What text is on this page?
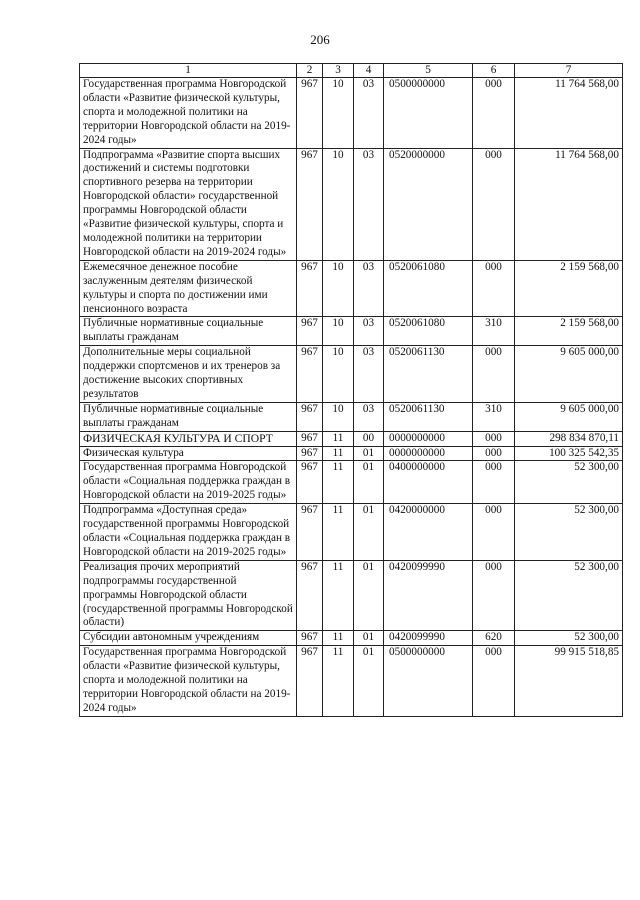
206
1	2	3	4	5	6	7
Государственная программа Новгородской области «Развитие физической культуры, спорта и молодежной политики на территории Новгородской области на 2019-2024 годы»	967	10	03	0500000000	000	11 764 568,00
Подпрограмма «Развитие спорта высших достижений и системы подготовки спортивного резерва на территории Новгородской области» государственной программы Новгородской области «Развитие физической культуры, спорта и молодежной политики на территории Новгородской области на 2019-2024 годы»	967	10	03	0520000000	000	11 764 568,00
Ежемесячное денежное пособие заслуженным деятелям физической культуры и спорта по достижении ими пенсионного возраста	967	10	03	0520061080	000	2 159 568,00
Публичные нормативные социальные выплаты гражданам	967	10	03	0520061080	310	2 159 568,00
Дополнительные меры социальной поддержки спортсменов и их тренеров за достижение высоких спортивных результатов	967	10	03	0520061130	000	9 605 000,00
Публичные нормативные социальные выплаты гражданам	967	10	03	0520061130	310	9 605 000,00
ФИЗИЧЕСКАЯ КУЛЬТУРА И СПОРТ	967	11	00	0000000000	000	298 834 870,11
Физическая культура	967	11	01	0000000000	000	100 325 542,35
Государственная программа Новгородской области «Социальная поддержка граждан в Новгородской области на 2019-2025 годы»	967	11	01	0400000000	000	52 300,00
Подпрограмма «Доступная среда» государственной программы Новгородской области «Социальная поддержка граждан в Новгородской области на 2019-2025 годы»	967	11	01	0420000000	000	52 300,00
Реализация прочих мероприятий подпрограммы государственной программы Новгородской области (государственной программы Новгородской области)	967	11	01	0420099990	000	52 300,00
Субсидии автономным учреждениям	967	11	01	0420099990	620	52 300,00
Государственная программа Новгородской области «Развитие физической культуры, спорта и молодежной политики на территории Новгородской области на 2019-2024 годы»	967	11	01	0500000000	000	99 915 518,85
